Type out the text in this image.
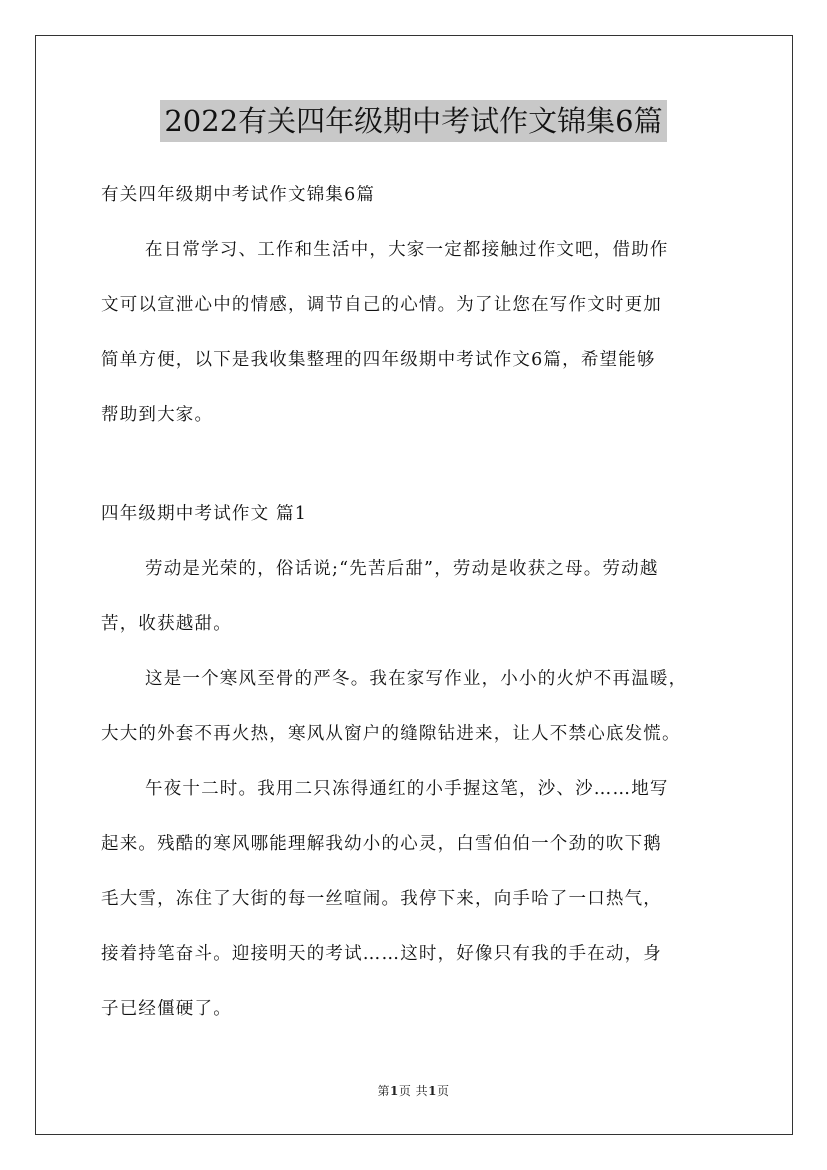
2022有关四年级期中考试作文锦集6篇
有关四年级期中考试作文锦集6篇
在日常学习、工作和生活中，大家一定都接触过作文吧，借助作
文可以宣泄心中的情感，调节自己的心情。为了让您在写作文时更加
简单方便，以下是我收集整理的四年级期中考试作文6篇，希望能够
帮助到大家。
四年级期中考试作文 篇1
劳动是光荣的，俗话说;“先苦后甜”，劳动是收获之母。劳动越
苦，收获越甜。
这是一个寒风至骨的严冬。我在家写作业，小小的火炉不再温暖，
大大的外套不再火热，寒风从窗户的缝隙钻进来，让人不禁心底发慌。
午夜十二时。我用二只冻得通红的小手握这笔，沙、沙……地写
起来。残酷的寒风哪能理解我幼小的心灵，白雪伯伯一个劲的吹下鹅
毛大雪，冻住了大街的每一丝喧闹。我停下来，向手哈了一口热气，
接着持笔奋斗。迎接明天的考试……这时，好像只有我的手在动，身
子已经僵硬了。
第1页 共1页
